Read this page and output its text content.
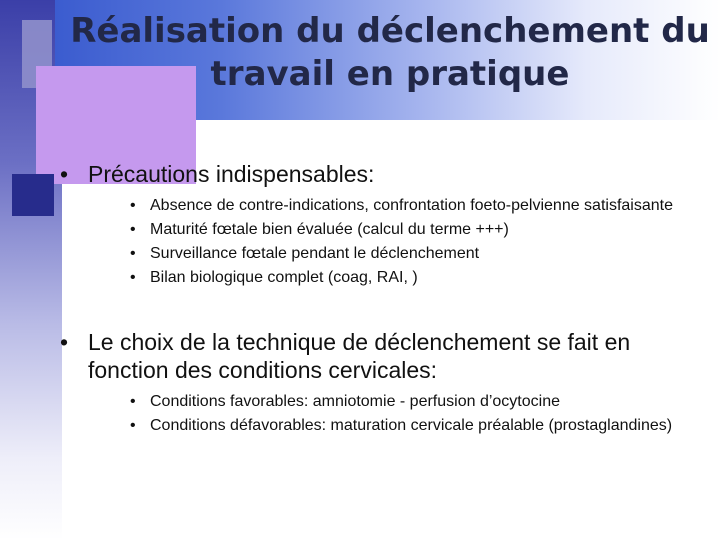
Réalisation du déclenchement du travail en pratique
• Précautions indispensables:
• Absence de contre-indications, confrontation foeto-pelvienne satisfaisante
• Maturité fœtale bien évaluée (calcul du terme +++)
• Surveillance fœtale pendant le déclenchement
• Bilan biologique complet (coag, RAI, )
• Le choix de la technique de déclenchement se fait en fonction des conditions cervicales:
• Conditions favorables: amniotomie - perfusion d’ocytocine
• Conditions défavorables: maturation cervicale préalable (prostaglandines)
